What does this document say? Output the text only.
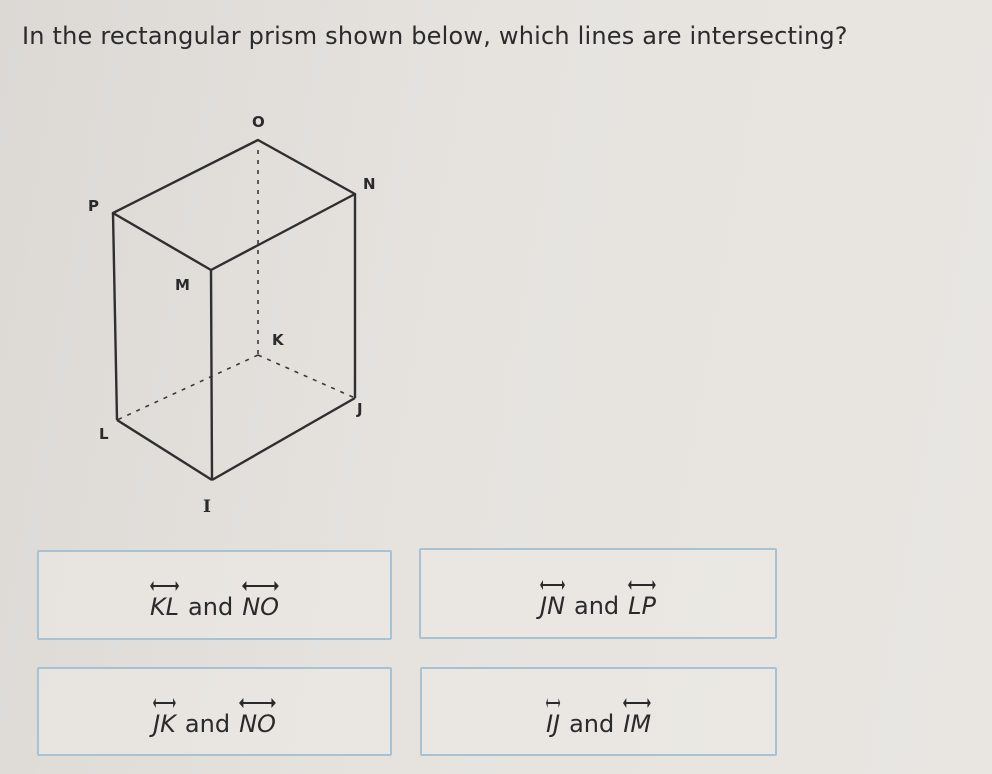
In the rectangular prism shown below, which lines are intersecting?
O
N
P
M
K
J
L
I
KL and NO	JN and LP
JK and NO	IJ and IM
